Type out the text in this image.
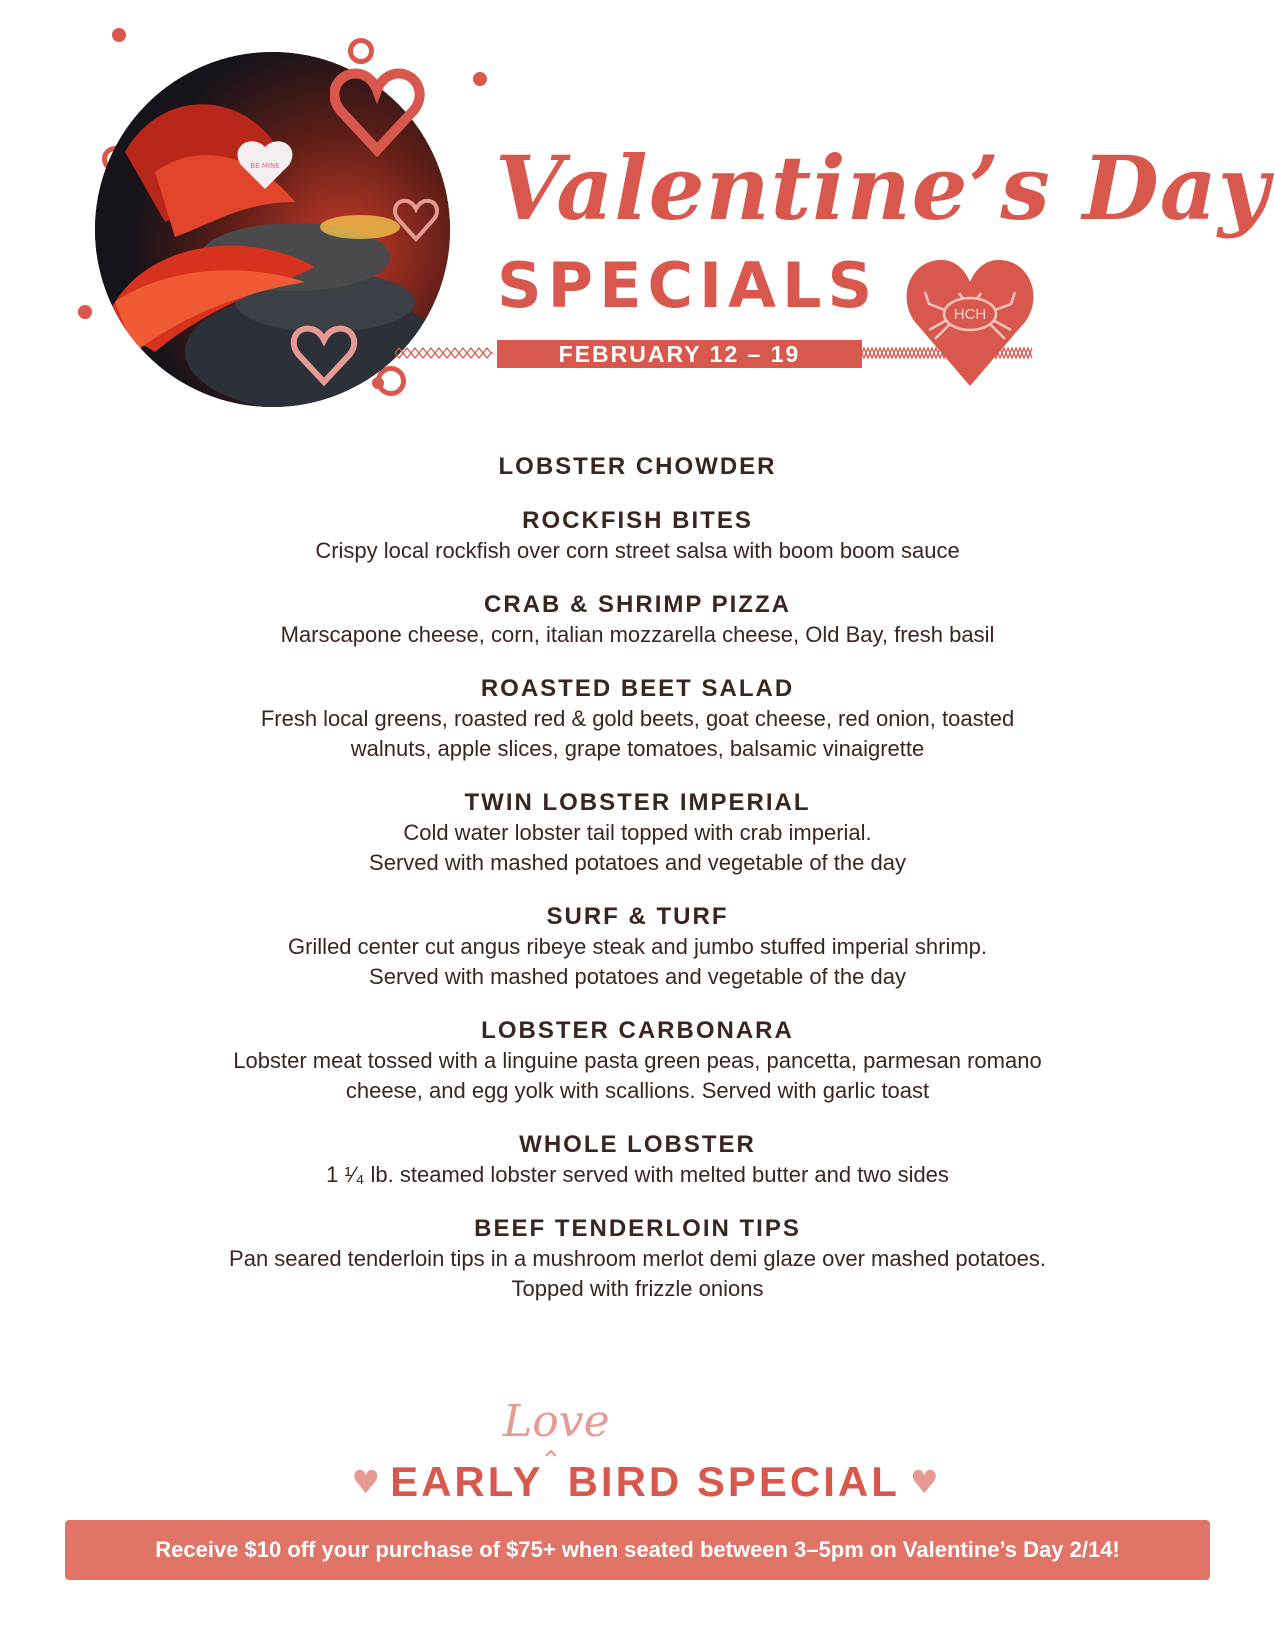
BE MINE Valentine’s Day
SPECIALS
FEBRUARY 12 – 19
HCH
LOBSTER CHOWDER
ROCKFISH BITES
Crispy local rockfish over corn street salsa with boom boom sauce
CRAB & SHRIMP PIZZA
Marscapone cheese, corn, italian mozzarella cheese, Old Bay, fresh basil
ROASTED BEET SALAD
Fresh local greens, roasted red & gold beets, goat cheese, red onion, toasted
walnuts, apple slices, grape tomatoes, balsamic vinaigrette
TWIN LOBSTER IMPERIAL
Cold water lobster tail topped with crab imperial.
Served with mashed potatoes and vegetable of the day
SURF & TURF
Grilled center cut angus ribeye steak and jumbo stuffed imperial shrimp.
Served with mashed potatoes and vegetable of the day
LOBSTER CARBONARA
Lobster meat tossed with a linguine pasta green peas, pancetta, parmesan romano
cheese, and egg yolk with scallions. Served with garlic toast
WHOLE LOBSTER
1 ¹⁄₄ lb. steamed lobster served with melted butter and two sides
BEEF TENDERLOIN TIPS
Pan seared tenderloin tips in a mushroom merlot demi glaze over mashed potatoes.
Topped with frizzle onions
Love
⌃
♥ EARLY BIRD SPECIAL ♥
Receive $10 off your purchase of $75+ when seated between 3–5pm on Valentine’s Day 2/14!
